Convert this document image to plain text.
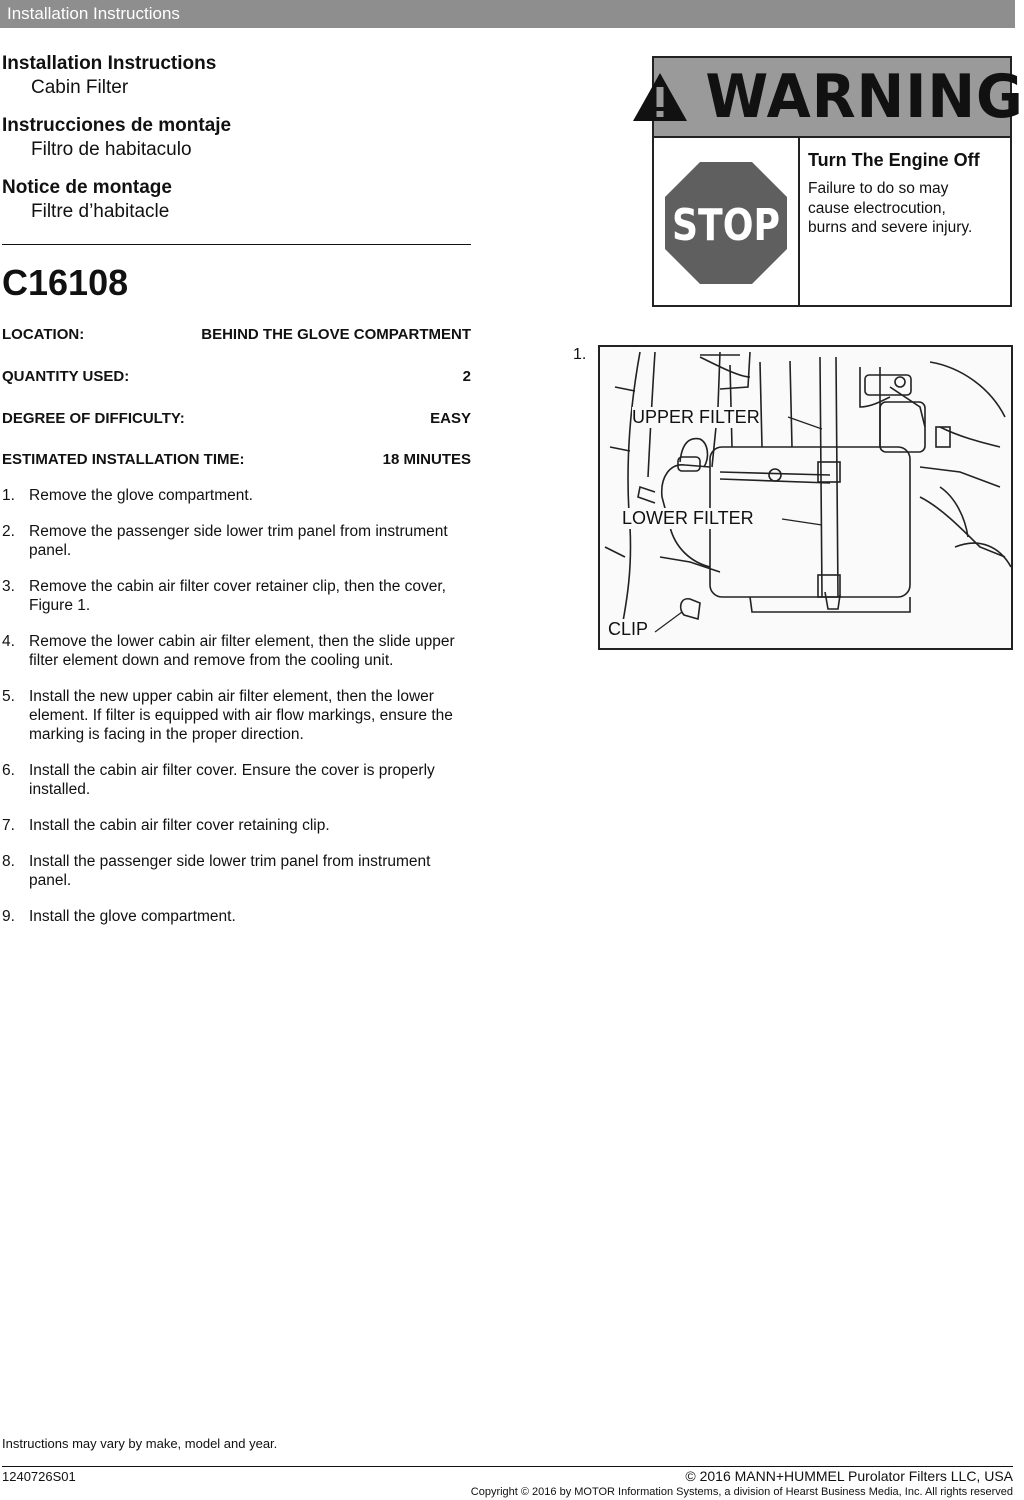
Installation Instructions
Installation Instructions
Cabin Filter
Instrucciones de montaje
Filtro de habitaculo
Notice de montage
Filtre d’habitacle
C16108
LOCATION:	BEHIND THE GLOVE COMPARTMENT
QUANTITY USED:	2
DEGREE OF DIFFICULTY:	EASY
ESTIMATED INSTALLATION TIME:	18 MINUTES
1. Remove the glove compartment.
2. Remove the passenger side lower trim panel from instrument panel.
3. Remove the cabin air filter cover retainer clip, then the cover, Figure 1.
4. Remove the lower cabin air filter element, then the slide upper filter element down and remove from the cooling unit.
5. Install the new upper cabin air filter element, then the lower element. If filter is equipped with air flow markings, ensure the marking is facing in the proper direction.
6. Install the cabin air filter cover. Ensure the cover is properly installed.
7. Install the cabin air filter cover retaining clip.
8. Install the passenger side lower trim panel from instrument panel.
9. Install the glove compartment.
WARNING
STOP
Turn The Engine Off
Failure to do so may
cause electrocution,
burns and severe injury.
1.
UPPER FILTER
LOWER FILTER
CLIP
Instructions may vary by make, model and year.
1240726S01	© 2016 MANN+HUMMEL Purolator Filters LLC, USA
Copyright © 2016 by MOTOR Information Systems, a division of Hearst Business Media, Inc. All rights reserved
